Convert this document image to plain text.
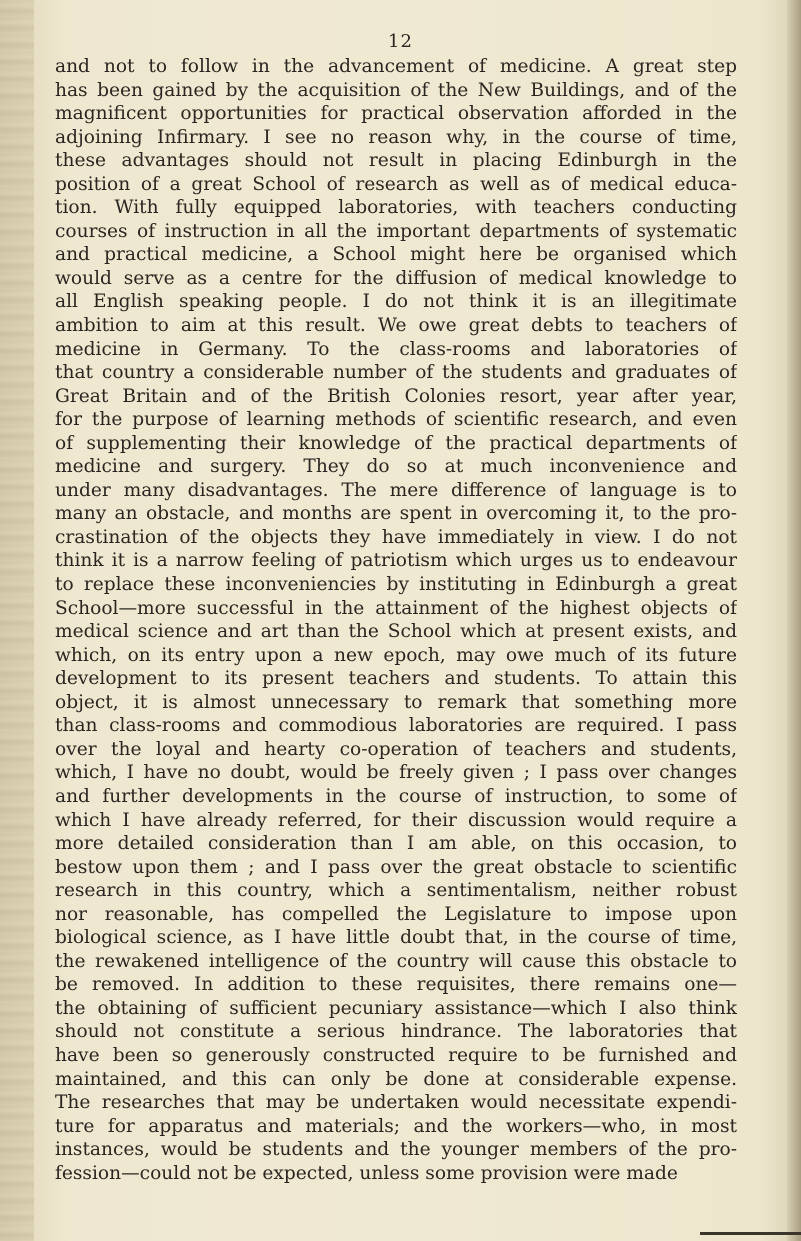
12
and not to follow in the advancement of medicine. A great step
has been gained by the acquisition of the New Buildings, and of the
magnificent opportunities for practical observation afforded in the
adjoining Infirmary. I see no reason why, in the course of time,
these advantages should not result in placing Edinburgh in the
position of a great School of research as well as of medical educa-
tion. With fully equipped laboratories, with teachers conducting
courses of instruction in all the important departments of systematic
and practical medicine, a School might here be organised which
would serve as a centre for the diffusion of medical knowledge to
all English speaking people. I do not think it is an illegitimate
ambition to aim at this result. We owe great debts to teachers of
medicine in Germany. To the class-rooms and laboratories of
that country a considerable number of the students and graduates of
Great Britain and of the British Colonies resort, year after year,
for the purpose of learning methods of scientific research, and even
of supplementing their knowledge of the practical departments of
medicine and surgery. They do so at much inconvenience and
under many disadvantages. The mere difference of language is to
many an obstacle, and months are spent in overcoming it, to the pro-
crastination of the objects they have immediately in view. I do not
think it is a narrow feeling of patriotism which urges us to endeavour
to replace these inconveniencies by instituting in Edinburgh a great
School—more successful in the attainment of the highest objects of
medical science and art than the School which at present exists, and
which, on its entry upon a new epoch, may owe much of its future
development to its present teachers and students. To attain this
object, it is almost unnecessary to remark that something more
than class-rooms and commodious laboratories are required. I pass
over the loyal and hearty co-operation of teachers and students,
which, I have no doubt, would be freely given ; I pass over changes
and further developments in the course of instruction, to some of
which I have already referred, for their discussion would require a
more detailed consideration than I am able, on this occasion, to
bestow upon them ; and I pass over the great obstacle to scientific
research in this country, which a sentimentalism, neither robust
nor reasonable, has compelled the Legislature to impose upon
biological science, as I have little doubt that, in the course of time,
the rewakened intelligence of the country will cause this obstacle to
be removed. In addition to these requisites, there remains one—
the obtaining of sufficient pecuniary assistance—which I also think
should not constitute a serious hindrance. The laboratories that
have been so generously constructed require to be furnished and
maintained, and this can only be done at considerable expense.
The researches that may be undertaken would necessitate expendi-
ture for apparatus and materials; and the workers—who, in most
instances, would be students and the younger members of the pro-
fession—could not be expected, unless some provision were made
